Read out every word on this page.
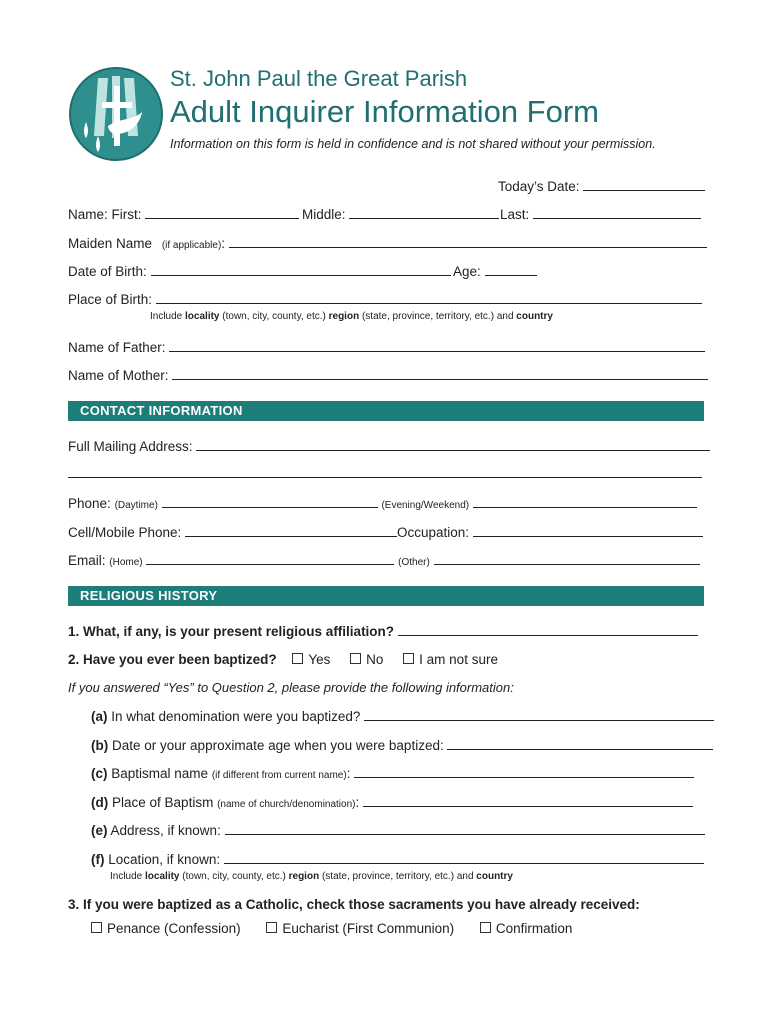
St. John Paul the Great Parish
Adult Inquirer Information Form
Information on this form is held in confidence and is not shared without your permission.
Today’s Date:
Name: First:	Middle:	Last:
Maiden Name (if applicable):
Date of Birth:	Age:
Place of Birth:
Include locality (town, city, county, etc.) region (state, province, territory, etc.) and country
Name of Father:
Name of Mother:
CONTACT INFORMATION
Full Mailing Address:
Phone: (Daytime)	(Evening/Weekend)
Cell/Mobile Phone:	Occupation:
Email: (Home)	(Other)
RELIGIOUS HISTORY
1. What, if any, is your present religious affiliation?
2. Have you ever been baptized? Yes	No	I am not sure
If you answered “Yes” to Question 2, please provide the following information:
(a) In what denomination were you baptized?
(b) Date or your approximate age when you were baptized:
(c) Baptismal name (if different from current name):
(d) Place of Baptism (name of church/denomination):
(e) Address, if known:
(f) Location, if known:
Include locality (town, city, county, etc.) region (state, province, territory, etc.) and country
3. If you were baptized as a Catholic, check those sacraments you have already received:
Penance (Confession)	Eucharist (First Communion)	Confirmation
